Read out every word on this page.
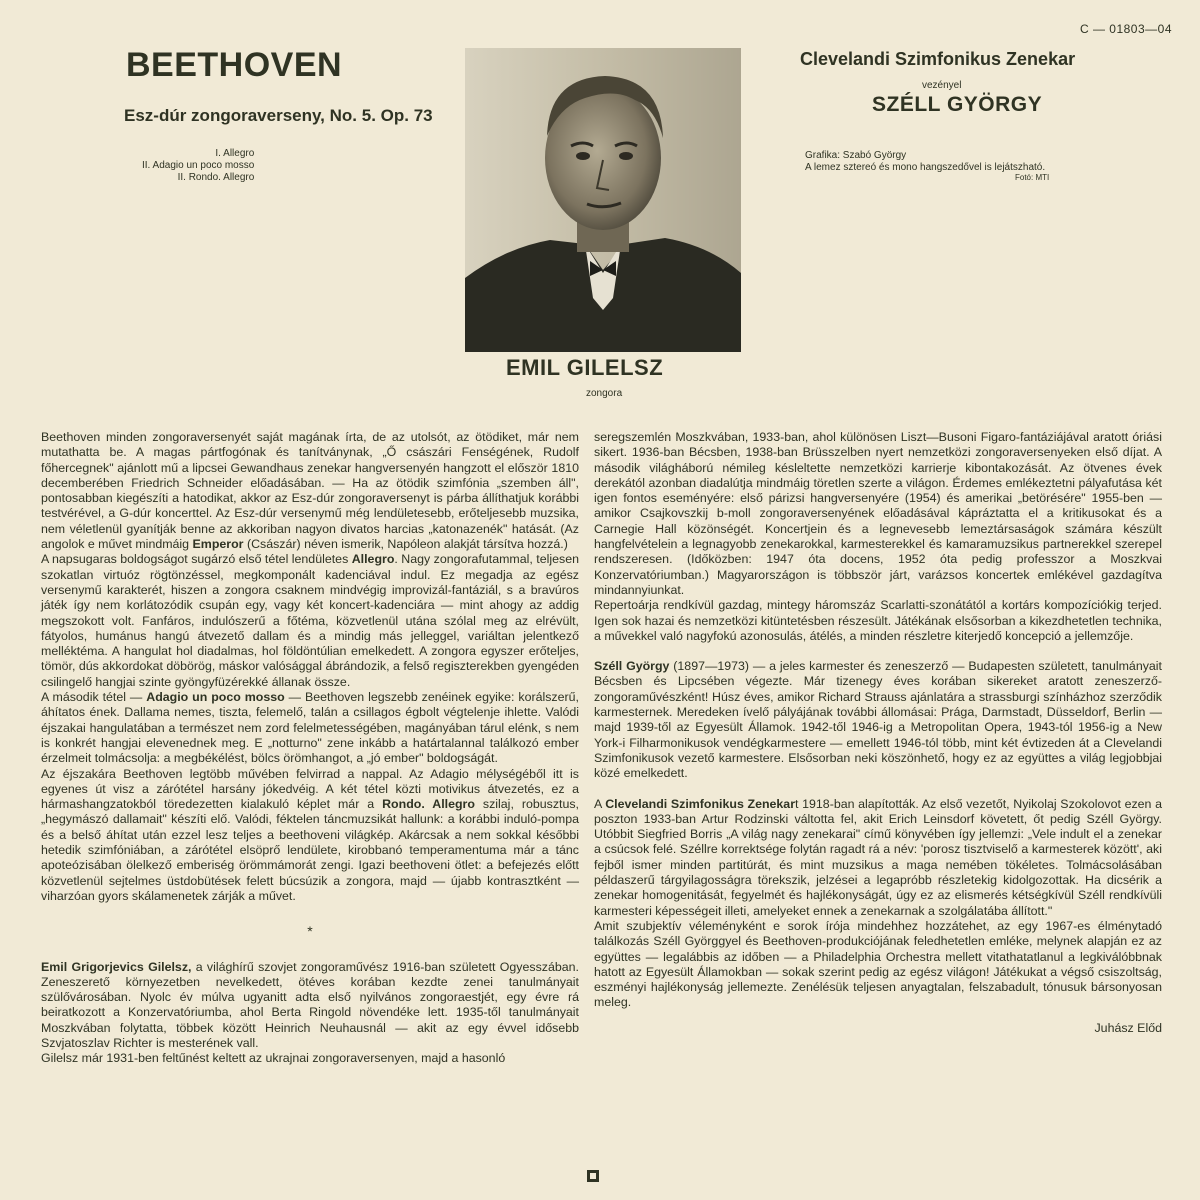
C — 01803—04
BEETHOVEN
Esz-dúr zongoraverseny, No. 5. Op. 73
I. Allegro
II. Adagio un poco mosso
II. Rondo. Allegro
Clevelandi Szimfonikus Zenekar
vezényel
SZÉLL GYÖRGY
Grafika: Szabó György
A lemez sztereó és mono hangszedővel is lejátszható.
Fotó: MTI
EMIL GILELSZ
zongora

Beethoven minden zongoraversenyét saját magának írta, de az utolsót, az ötödiket, már nem mutathatta be. A magas pártfogónak és tanítványnak, „Ő császári Fenségének, Rudolf főhercegnek" ajánlott mű a lipcsei Gewandhaus zenekar hangversenyén hangzott el először 1810 decemberében Friedrich Schneider előadásában. — Ha az ötödik szimfónia „szemben áll", pontosabban kiegészíti a hatodikat, akkor az Esz-dúr zongoraversenyt is párba állíthatjuk korábbi testvérével, a G-dúr koncerttel. Az Esz-dúr versenymű még lendületesebb, erőteljesebb muzsika, nem véletlenül gyanítják benne az akkoriban nagyon divatos harcias „katonazenék" hatását. (Az angolok e művet mindmáig Emperor (Császár) néven ismerik, Napóleon alakját társítva hozzá.)

A napsugaras boldogságot sugárzó első tétel lendületes Allegro. Nagy zongorafutammal, teljesen szokatlan virtuóz rögtönzéssel, megkomponált kadenciával indul. Ez megadja az egész versenymű karakterét, hiszen a zongora csaknem mindvégig improvizál-fantáziál, s a bravúros játék így nem korlátozódik csupán egy, vagy két koncert-kadenciára — mint ahogy az addig megszokott volt. Fanfáros, indulószerű a főtéma, közvetlenül utána szólal meg az elrévült, fátyolos, humánus hangú átvezető dallam és a mindig más jelleggel, variáltan jelentkező melléktéma. A hangulat hol diadalmas, hol földöntúlian emelkedett. A zongora egyszer erőteljes, tömör, dús akkordokat döbörög, máskor valósággal ábrándozik, a felső regiszterekben gyengéden csilingelő hangjai szinte gyöngyfüzérekké állanak össze.

A második tétel — Adagio un poco mosso — Beethoven legszebb zenéinek egyike: korálszerű, áhítatos ének. Dallama nemes, tiszta, felemelő, talán a csillagos égbolt végtelenje ihlette. Valódi éjszakai hangulatában a természet nem zord felelmetességében, magányában tárul elénk, s nem is konkrét hangjai elevenednek meg. E „notturno" zene inkább a határtalannal találkozó ember érzelmeit tolmácsolja: a megbékélést, bölcs örömhangot, a „jó ember" boldogságát.

Az éjszakára Beethoven legtöbb művében felvirrad a nappal. Az Adagio mélységéből itt is egyenes út visz a zárótétel harsány jókedvéig. A két tétel közti motivikus átvezetés, ez a hármashangzatokból töredezetten kialakuló képlet már a Rondo. Allegro szilaj, robusztus, „hegymászó dallamait" készíti elő. Valódi, féktelen táncmuzsikát hallunk: a korábbi induló-pompa és a belső áhítat után ezzel lesz teljes a beethoveni világkép. Akárcsak a nem sokkal későbbi hetedik szimfóniában, a zárótétel elsöprő lendülete, kirobbanó temperamentuma már a tánc apoteózisában ölelkező emberiség örömmámorát zengi. Igazi beethoveni ötlet: a befejezés előtt közvetlenül sejtelmes üstdobütések felett búcsúzik a zongora, majd — újabb kontrasztként — viharzóan gyors skálamenetek zárják a művet.

*

Emil Grigorjevics Gilelsz, a világhírű szovjet zongoraművész 1916-ban született Ogyesszában. Zeneszerető környezetben nevelkedett, ötéves korában kezdte zenei tanulmányait szülővárosában. Nyolc év múlva ugyanitt adta első nyilvános zongoraestjét, egy évre rá beiratkozott a Konzervatóriumba, ahol Berta Ringold növendéke lett. 1935-től tanulmányait Moszkvában folytatta, többek között Heinrich Neuhausnál — akit az egy évvel idősebb Szvjatoszlav Richter is mesterének vall.

Gilelsz már 1931-ben feltűnést keltett az ukrajnai zongoraversenyen, majd a hasonló

seregszemlén Moszkvában, 1933-ban, ahol különösen Liszt—Busoni Figaro-fantáziájával aratott óriási sikert. 1936-ban Bécsben, 1938-ban Brüsszelben nyert nemzetközi zongoraversenyeken első díjat. A második világháború némileg késleltette nemzetközi karrierje kibontakozását. Az ötvenes évek derekától azonban diadalútja mindmáig töretlen szerte a világon. Érdemes emlékeztetni pályafutása két igen fontos eseményére: első párizsi hangversenyére (1954) és amerikai „betörésére" 1955-ben — amikor Csajkovszkij b-moll zongoraversenyének előadásával kápráztatta el a kritikusokat és a Carnegie Hall közönségét. Koncertjein és a legnevesebb lemeztársaságok számára készült hangfelvételein a legnagyobb zenekarokkal, karmesterekkel és kamaramuzsikus partnerekkel szerepel rendszeresen. (Időközben: 1947 óta docens, 1952 óta pedig professzor a Moszkvai Konzervatóriumban.) Magyarországon is többször járt, varázsos koncertek emlékével gazdagítva mindannyiunkat.

Repertoárja rendkívül gazdag, mintegy háromszáz Scarlatti-szonátától a kortárs kompozíciókig terjed. Igen sok hazai és nemzetközi kitüntetésben részesült. Játékának elsősorban a kikezdhetetlen technika, a művekkel való nagyfokú azonosulás, átélés, a minden részletre kiterjedő koncepció a jellemzője.

Széll György (1897—1973) — a jeles karmester és zeneszerző — Budapesten született, tanulmányait Bécsben és Lipcsében végezte. Már tizenegy éves korában sikereket aratott zeneszerző-zongoraművészként! Húsz éves, amikor Richard Strauss ajánlatára a strassburgi színházhoz szerződik karmesternek. Meredeken ívelő pályájának további állomásai: Prága, Darmstadt, Düsseldorf, Berlin — majd 1939-től az Egyesült Államok. 1942-től 1946-ig a Metropolitan Opera, 1943-tól 1956-ig a New York-i Filharmonikusok vendégkarmestere — emellett 1946-tól több, mint két évtizeden át a Clevelandi Szimfonikusok vezető karmestere. Elsősorban neki köszönhető, hogy ez az együttes a világ legjobbjai közé emelkedett.

A Clevelandi Szimfonikus Zenekart 1918-ban alapították. Az első vezetőt, Nyikolaj Szokolovot ezen a poszton 1933-ban Artur Rodzinski váltotta fel, akit Erich Leinsdorf követett, őt pedig Széll György. Utóbbit Siegfried Borris „A világ nagy zenekarai" című könyvében így jellemzi: „Vele indult el a zenekar a csúcsok felé. Széllre korrektsége folytán ragadt rá a név: 'porosz tisztviselő a karmesterek között', aki fejből ismer minden partitúrát, és mint muzsikus a maga nemében tökéletes. Tolmácsolásában példaszerű tárgyilagosságra törekszik, jelzései a legapróbb részletekig kidolgozottak. Ha dicsérik a zenekar homogenitását, fegyelmét és hajlékonyságát, úgy ez az elismerés kétségkívül Széll rendkívüli karmesteri képességeit illeti, amelyeket ennek a zenekarnak a szolgálatába állított."

Amit szubjektív véleményként e sorok írója mindehhez hozzátehet, az egy 1967-es élménytadó találkozás Széll Györggyel és Beethoven-produkciójának feledhetetlen emléke, melynek alapján ez az együttes — legalábbis az időben — a Philadelphia Orchestra mellett vitathatatlanul a legkiválóbbnak hatott az Egyesült Államokban — sokak szerint pedig az egész világon! Játékukat a végső csiszoltság, eszményi hajlékonyság jellemezte. Zenélésük teljesen anyagtalan, felszabadult, tónusuk bársonyosan meleg.

Juhász Előd
